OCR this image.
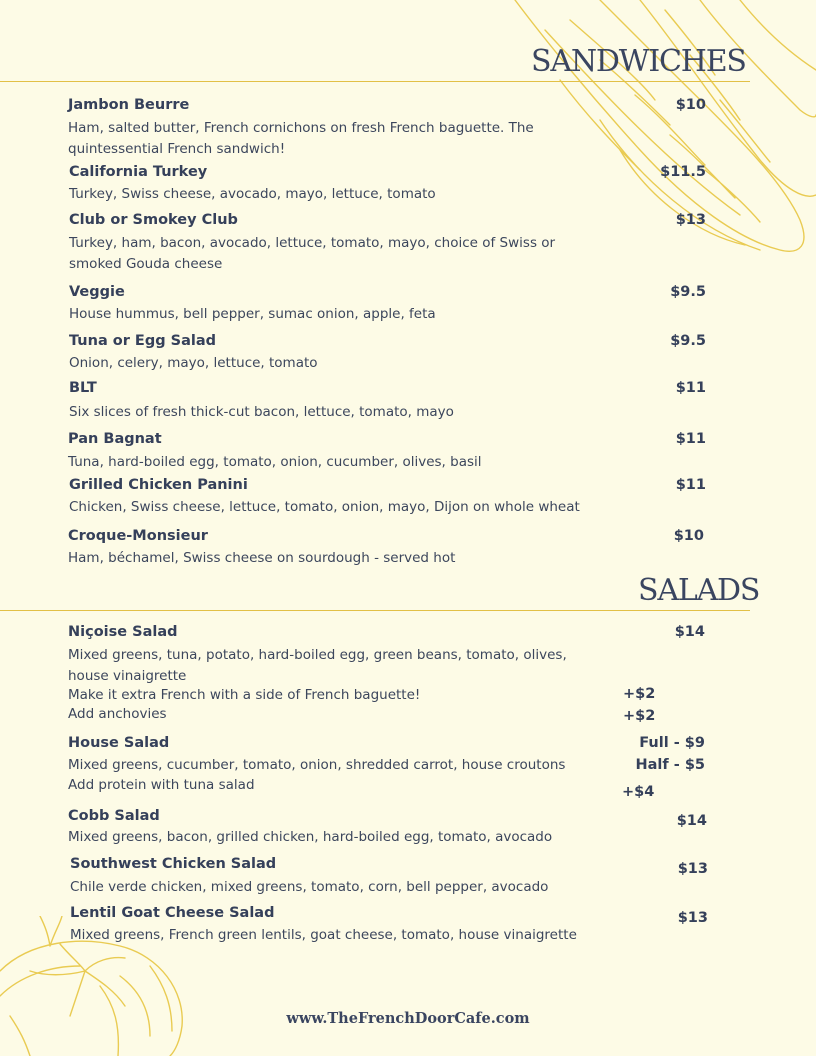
SANDWICHES
Jambon Beurre	$10
Ham, salted butter, French cornichons on fresh French baguette. The quintessential French sandwich!
California Turkey	$11.5
Turkey, Swiss cheese, avocado, mayo, lettuce, tomato
Club or Smokey Club	$13
Turkey, ham, bacon, avocado, lettuce, tomato, mayo, choice of Swiss or smoked Gouda cheese
Veggie	$9.5
House hummus, bell pepper, sumac onion, apple, feta
Tuna or Egg Salad	$9.5
Onion, celery, mayo, lettuce, tomato
BLT	$11
Six slices of fresh thick-cut bacon, lettuce, tomato, mayo
Pan Bagnat	$11
Tuna, hard-boiled egg, tomato, onion, cucumber, olives, basil
Grilled Chicken Panini	$11
Chicken, Swiss cheese, lettuce, tomato, onion, mayo, Dijon on whole wheat
Croque-Monsieur	$10
Ham, béchamel, Swiss cheese on sourdough - served hot
SALADS
Niçoise Salad	$14
Mixed greens, tuna, potato, hard-boiled egg, green beans, tomato, olives, house vinaigrette
Make it extra French with a side of French baguette!	+$2
Add anchovies	+$2
House Salad	Full - $9
Half - $5
Mixed greens, cucumber, tomato, onion, shredded carrot, house croutons
Add protein with tuna salad	+$4
Cobb Salad	$14
Mixed greens, bacon, grilled chicken, hard-boiled egg, tomato, avocado
Southwest Chicken Salad	$13
Chile verde chicken, mixed greens, tomato, corn, bell pepper, avocado
Lentil Goat Cheese Salad	$13
Mixed greens, French green lentils, goat cheese, tomato, house vinaigrette
www.TheFrenchDoorCafe.com
